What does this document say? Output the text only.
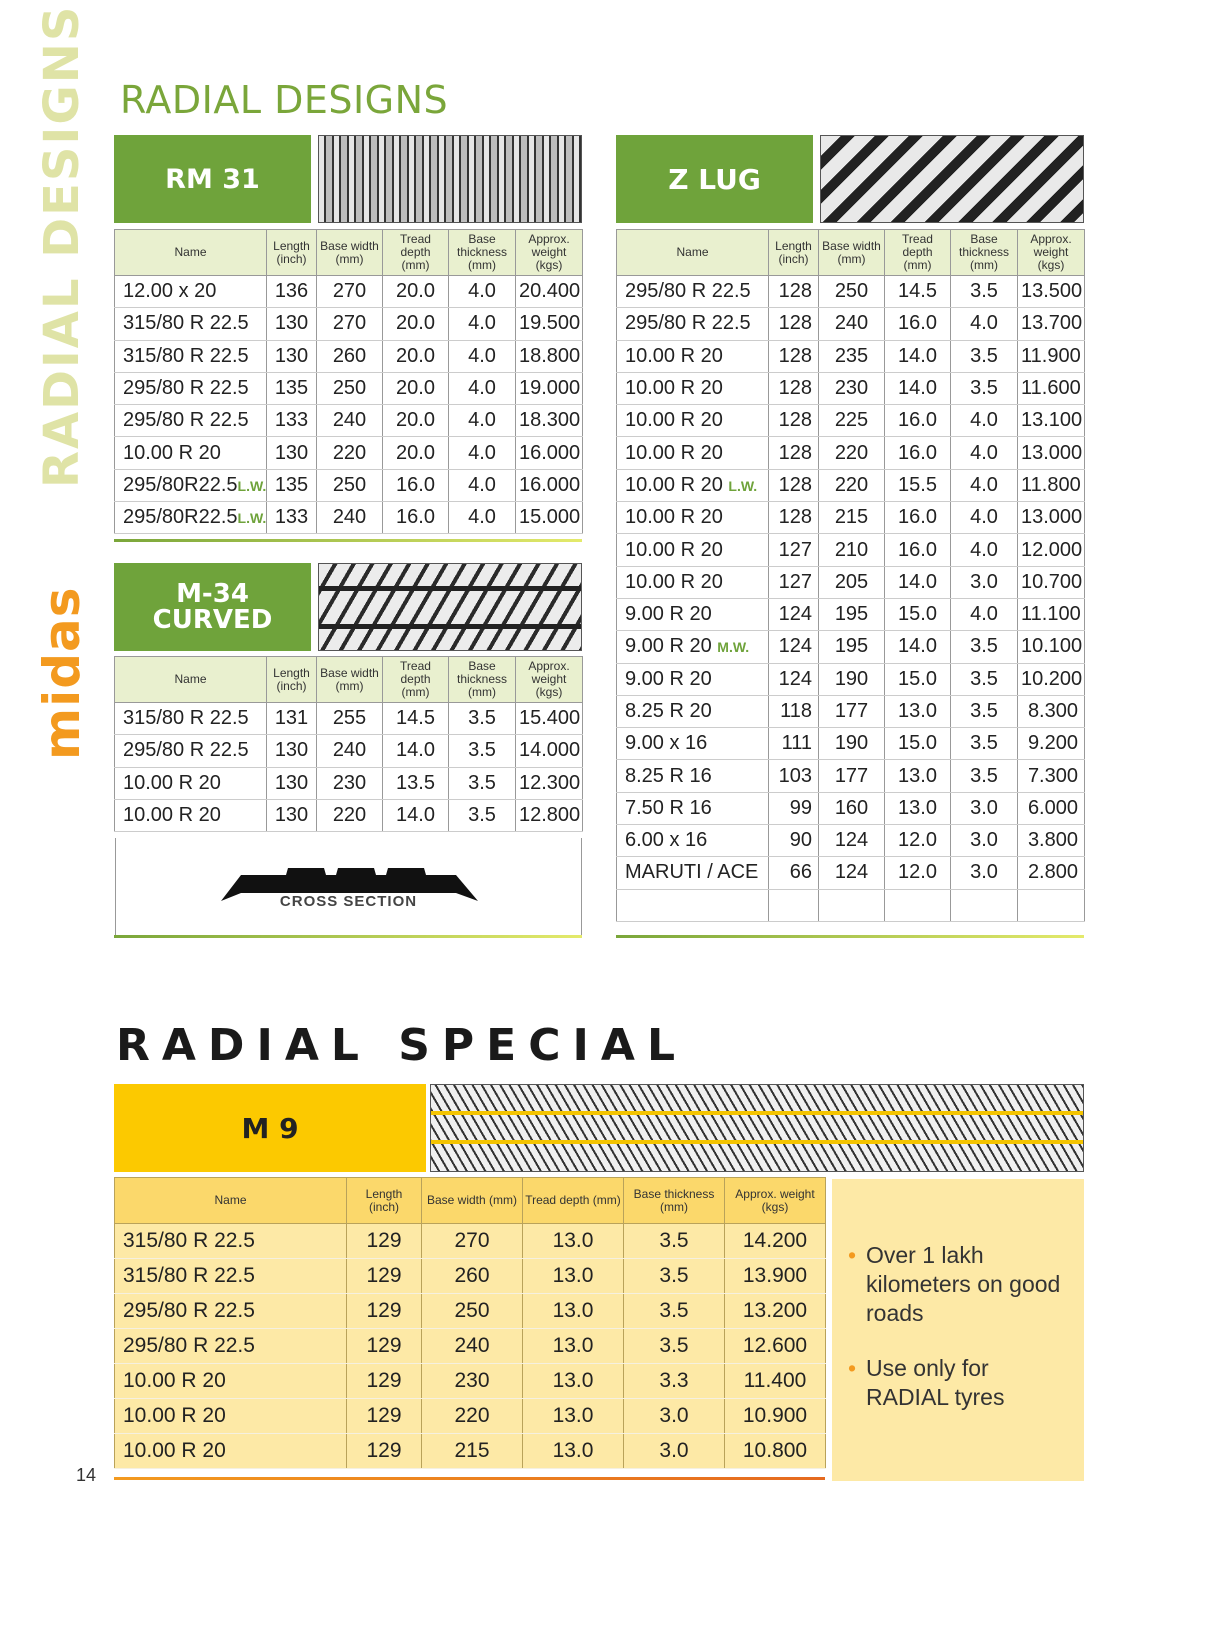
RADIAL DESIGNS
midas
RADIAL DESIGNS
RM 31
Name	Length (inch)	Base width (mm)	Tread depth (mm)	Base thickness (mm)	Approx. weight (kgs)
12.00 x 20	136	270	20.0	4.0	20.400
315/80 R 22.5	130	270	20.0	4.0	19.500
315/80 R 22.5	130	260	20.0	4.0	18.800
295/80 R 22.5	135	250	20.0	4.0	19.000
295/80 R 22.5	133	240	20.0	4.0	18.300
10.00 R 20	130	220	20.0	4.0	16.000
295/80R22.5L.W.	135	250	16.0	4.0	16.000
295/80R22.5L.W.	133	240	16.0	4.0	15.000
M-34
CURVED
Name	Length (inch)	Base width (mm)	Tread depth (mm)	Base thickness (mm)	Approx. weight (kgs)
315/80 R 22.5	131	255	14.5	3.5	15.400
295/80 R 22.5	130	240	14.0	3.5	14.000
10.00 R 20	130	230	13.5	3.5	12.300
10.00 R 20	130	220	14.0	3.5	12.800
CROSS SECTION
Z LUG
Name	Length (inch)	Base width (mm)	Tread depth (mm)	Base thickness (mm)	Approx. weight (kgs)
295/80 R 22.5	128	250	14.5	3.5	13.500
295/80 R 22.5	128	240	16.0	4.0	13.700
10.00 R 20	128	235	14.0	3.5	11.900
10.00 R 20	128	230	14.0	3.5	11.600
10.00 R 20	128	225	16.0	4.0	13.100
10.00 R 20	128	220	16.0	4.0	13.000
10.00 R 20 L.W.	128	220	15.5	4.0	11.800
10.00 R 20	128	215	16.0	4.0	13.000
10.00 R 20	127	210	16.0	4.0	12.000
10.00 R 20	127	205	14.0	3.0	10.700
9.00 R 20	124	195	15.0	4.0	11.100
9.00 R 20 M.W.	124	195	14.0	3.5	10.100
9.00 R 20	124	190	15.0	3.5	10.200
8.25 R 20	118	177	13.0	3.5	8.300
9.00 x 16	111	190	15.0	3.5	9.200
8.25 R 16	103	177	13.0	3.5	7.300
7.50 R 16	99	160	13.0	3.0	6.000
6.00 x 16	90	124	12.0	3.0	3.800
MARUTI / ACE	66	124	12.0	3.0	2.800

RADIAL SPECIAL
M 9
Name	Length (inch)	Base width (mm)	Tread depth (mm)	Base thickness (mm)	Approx. weight (kgs)
315/80 R 22.5	129	270	13.0	3.5	14.200
315/80 R 22.5	129	260	13.0	3.5	13.900
295/80 R 22.5	129	250	13.0	3.5	13.200
295/80 R 22.5	129	240	13.0	3.5	12.600
10.00 R 20	129	230	13.0	3.3	11.400
10.00 R 20	129	220	13.0	3.0	10.900
10.00 R 20	129	215	13.0	3.0	10.800
• Over 1 lakh kilometers on good roads
• Use only for RADIAL tyres
14
